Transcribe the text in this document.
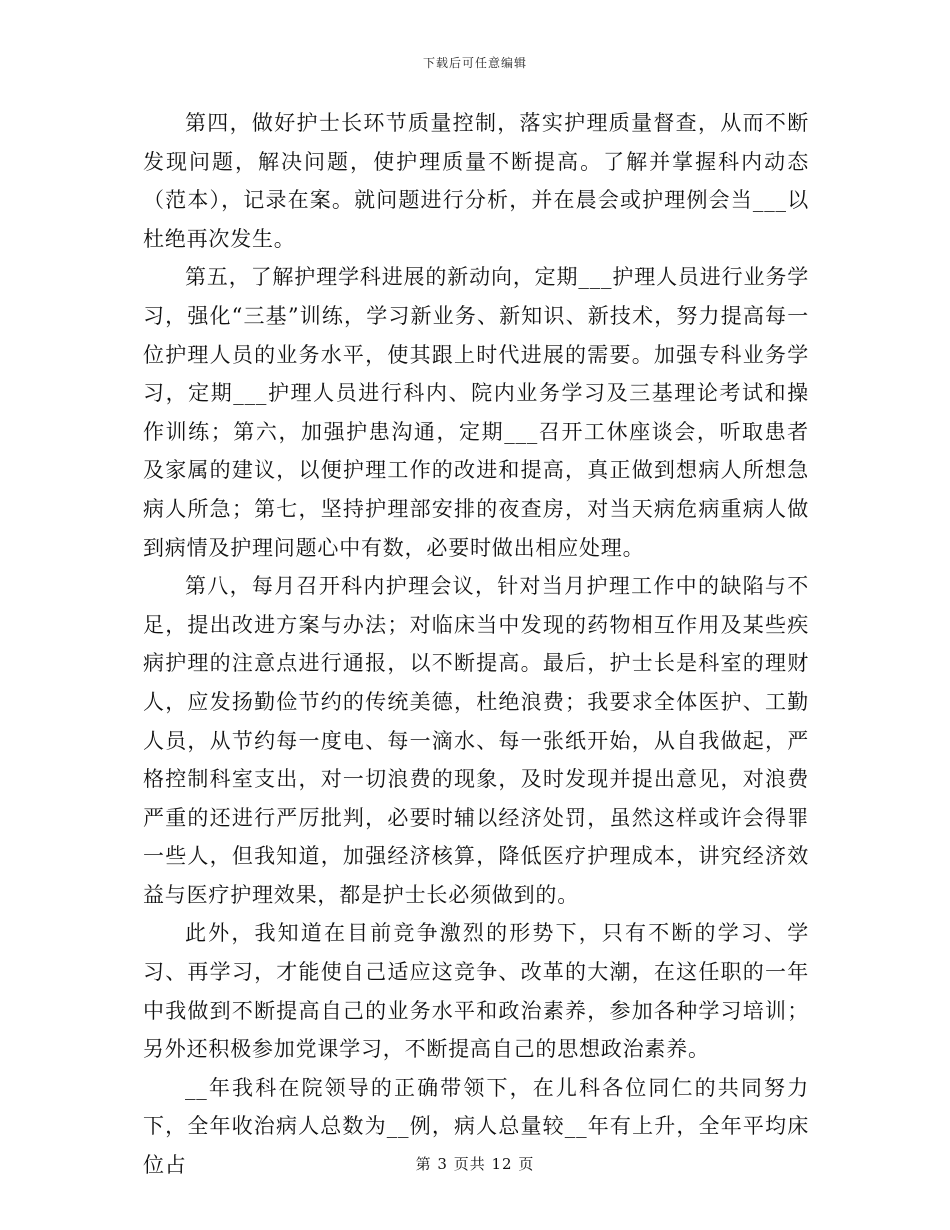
下载后可任意编辑

第四，做好护士长环节质量控制，落实护理质量督查，从而不断发现问题，解决问题，使护理质量不断提高。了解并掌握科内动态（范本），记录在案。就问题进行分析，并在晨会或护理例会当___以杜绝再次发生。

第五，了解护理学科进展的新动向，定期___护理人员进行业务学习，强化“三基”训练，学习新业务、新知识、新技术，努力提高每一位护理人员的业务水平，使其跟上时代进展的需要。加强专科业务学习，定期___护理人员进行科内、院内业务学习及三基理论考试和操作训练；第六，加强护患沟通，定期___召开工休座谈会，听取患者及家属的建议，以便护理工作的改进和提高，真正做到想病人所想急病人所急；第七，坚持护理部安排的夜查房，对当天病危病重病人做到病情及护理问题心中有数，必要时做出相应处理。

第八，每月召开科内护理会议，针对当月护理工作中的缺陷与不足，提出改进方案与办法；对临床当中发现的药物相互作用及某些疾病护理的注意点进行通报，以不断提高。最后，护士长是科室的理财人，应发扬勤俭节约的传统美德，杜绝浪费；我要求全体医护、工勤人员，从节约每一度电、每一滴水、每一张纸开始，从自我做起，严格控制科室支出，对一切浪费的现象，及时发现并提出意见，对浪费严重的还进行严厉批判，必要时辅以经济处罚，虽然这样或许会得罪一些人，但我知道，加强经济核算，降低医疗护理成本，讲究经济效益与医疗护理效果，都是护士长必须做到的。

此外，我知道在目前竞争激烈的形势下，只有不断的学习、学习、再学习，才能使自己适应这竞争、改革的大潮，在这任职的一年中我做到不断提高自己的业务水平和政治素养，参加各种学习培训；另外还积极参加党课学习，不断提高自己的思想政治素养。

__年我科在院领导的正确带领下，在儿科各位同仁的共同努力下，全年收治病人总数为__例，病人总量较__年有上升，全年平均床位占	第 3 页共 12 页
